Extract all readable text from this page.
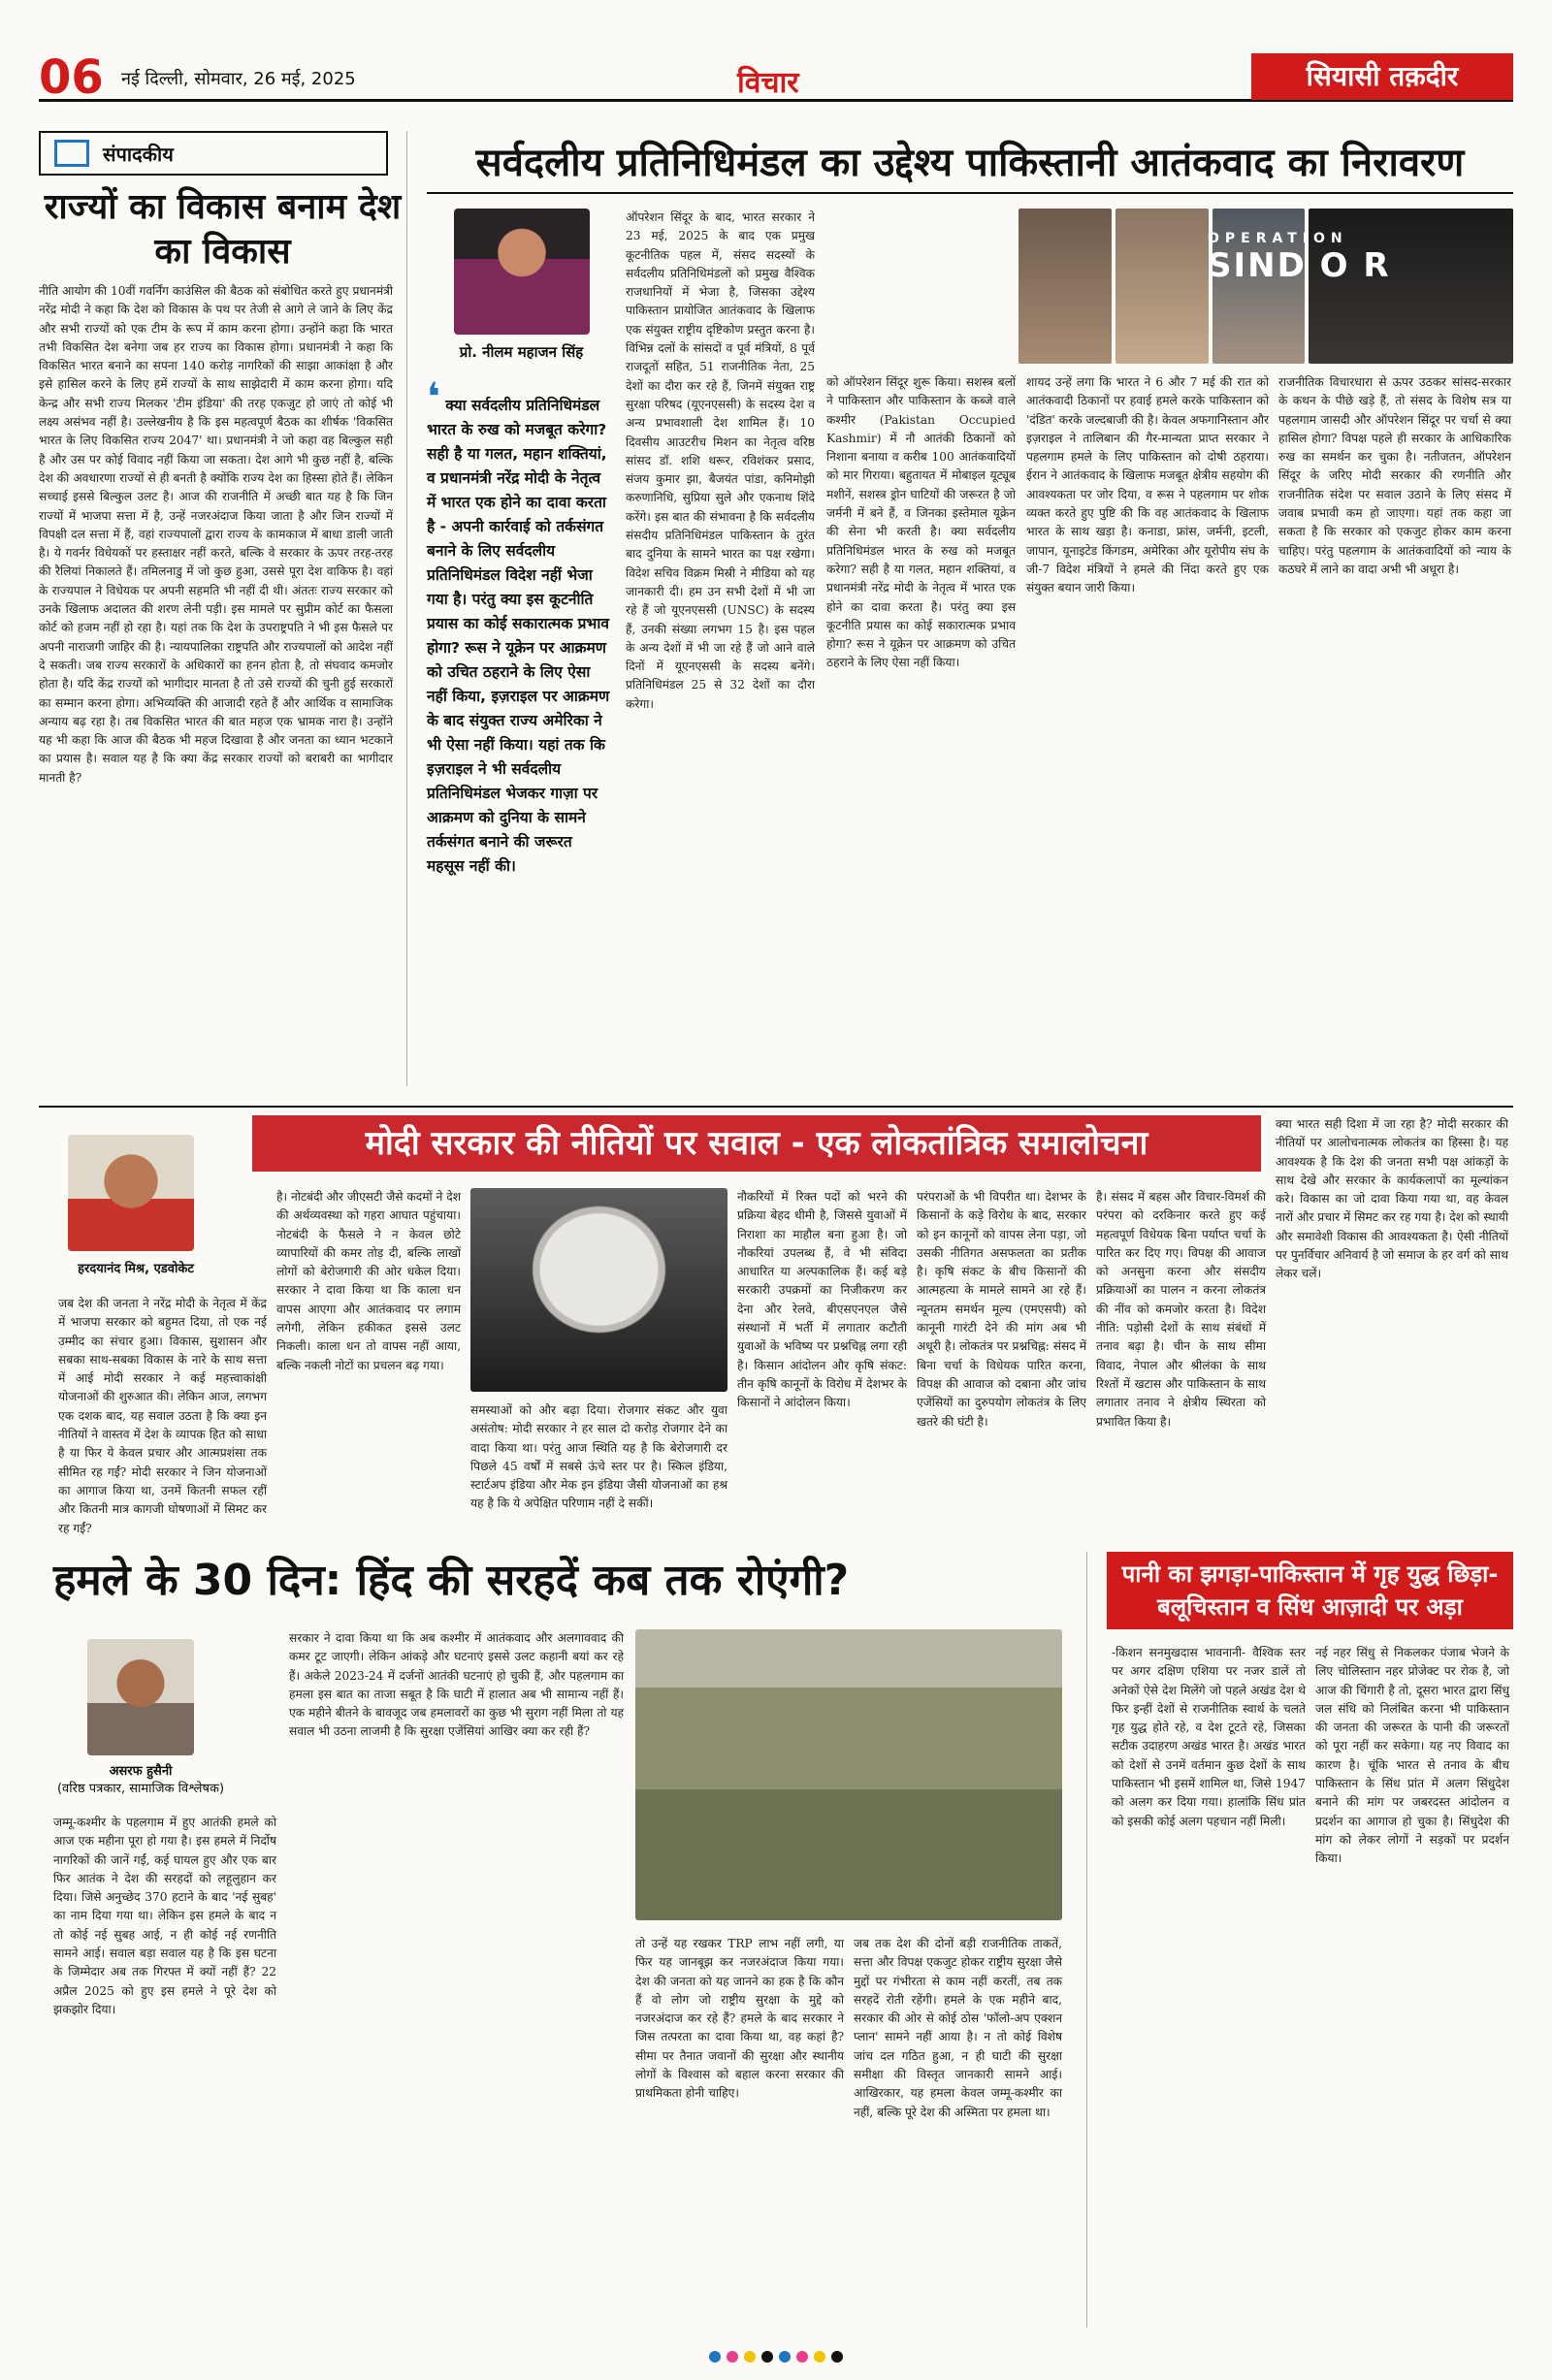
06 नई दिल्ली, सोमवार, 26 मई, 2025	विचार	सियासी तक़दीर
संपादकीय
राज्यों का विकास बनाम देश का विकास
नीति आयोग की 10वीं गवर्निंग काउंसिल की बैठक को संबोधित करते हुए प्रधानमंत्री नरेंद्र मोदी ने कहा कि देश को विकास के पथ पर तेजी से आगे ले जाने के लिए केंद्र और सभी राज्यों को एक टीम के रूप में काम करना होगा। उन्होंने कहा कि भारत तभी विकसित देश बनेगा जब हर राज्य का विकास होगा। प्रधानमंत्री ने कहा कि विकसित भारत बनाने का सपना 140 करोड़ नागरिकों की साझा आकांक्षा है और इसे हासिल करने के लिए हमें राज्यों के साथ साझेदारी में काम करना होगा। यदि केन्द्र और सभी राज्य मिलकर 'टीम इंडिया' की तरह एकजुट हो जाएं तो कोई भी लक्ष्य असंभव नहीं है। उल्लेखनीय है कि इस महत्वपूर्ण बैठक का शीर्षक 'विकसित भारत के लिए विकसित राज्य 2047' था। प्रधानमंत्री ने जो कहा वह बिल्कुल सही है और उस पर कोई विवाद नहीं किया जा सकता। देश आगे भी कुछ नहीं है, बल्कि देश की अवधारणा राज्यों से ही बनती है क्योंकि राज्य देश का हिस्सा होते हैं। लेकिन सच्चाई इससे बिल्कुल उलट है। आज की राजनीति में अच्छी बात यह है कि जिन राज्यों में भाजपा सत्ता में है, उन्हें नजरअंदाज किया जाता है और जिन राज्यों में विपक्षी दल सत्ता में हैं, वहां राज्यपालों द्वारा राज्य के कामकाज में बाधा डाली जाती है। ये गवर्नर विधेयकों पर हस्ताक्षर नहीं करते, बल्कि वे सरकार के ऊपर तरह-तरह की रैलियां निकालते हैं। तमिलनाडु में जो कुछ हुआ, उससे पूरा देश वाकिफ है। वहां के राज्यपाल ने विधेयक पर अपनी सहमति भी नहीं दी थी। अंततः राज्य सरकार को उनके खिलाफ अदालत की शरण लेनी पड़ी। इस मामले पर सुप्रीम कोर्ट का फैसला कोर्ट को हजम नहीं हो रहा है। यहां तक कि देश के उपराष्ट्रपति ने भी इस फैसले पर अपनी नाराजगी जाहिर की है। न्यायपालिका राष्ट्रपति और राज्यपालों को आदेश नहीं दे सकती। जब राज्य सरकारों के अधिकारों का हनन होता है, तो संघवाद कमजोर होता है। यदि केंद्र राज्यों को भागीदार मानता है तो उसे राज्यों की चुनी हुई सरकारों का सम्मान करना होगा। अभिव्यक्ति की आजादी रहते हैं और आर्थिक व सामाजिक अन्याय बढ़ रहा है। तब विकसित भारत की बात महज एक भ्रामक नारा है। उन्होंने यह भी कहा कि आज की बैठक भी महज दिखावा है और जनता का ध्यान भटकाने का प्रयास है। सवाल यह है कि क्या केंद्र सरकार राज्यों को बराबरी का भागीदार मानती है?
सर्वदलीय प्रतिनिधिमंडल का उद्देश्य पाकिस्तानी आतंकवाद का निरावरण
प्रो. नीलम महाजन सिंह
❛ क्या सर्वदलीय प्रतिनिधिमंडल भारत के रुख को मजबूत करेगा? सही है या गलत, महान शक्तियां, व प्रधानमंत्री नरेंद्र मोदी के नेतृत्व में भारत एक होने का दावा करता है - अपनी कार्रवाई को तर्कसंगत बनाने के लिए सर्वदलीय प्रतिनिधिमंडल विदेश नहीं भेजा गया है। परंतु क्या इस कूटनीति प्रयास का कोई सकारात्मक प्रभाव होगा? रूस ने यूक्रेन पर आक्रमण को उचित ठहराने के लिए ऐसा नहीं किया, इज़राइल पर आक्रमण के बाद संयुक्त राज्य अमेरिका ने भी ऐसा नहीं किया। यहां तक कि इज़राइल ने भी सर्वदलीय प्रतिनिधिमंडल भेजकर गाज़ा पर आक्रमण को दुनिया के सामने तर्कसंगत बनाने की जरूरत महसूस नहीं की।
ऑपरेशन सिंदूर के बाद, भारत सरकार ने 23 मई, 2025 के बाद एक प्रमुख कूटनीतिक पहल में, संसद सदस्यों के सर्वदलीय प्रतिनिधिमंडलों को प्रमुख वैश्विक राजधानियों में भेजा है, जिसका उद्देश्य पाकिस्तान प्रायोजित आतंकवाद के खिलाफ एक संयुक्त राष्ट्रीय दृष्टिकोण प्रस्तुत करना है। विभिन्न दलों के सांसदों व पूर्व मंत्रियों, 8 पूर्व राजदूतों सहित, 51 राजनीतिक नेता, 25 देशों का दौरा कर रहे हैं, जिनमें संयुक्त राष्ट्र सुरक्षा परिषद (यूएनएससी) के सदस्य देश व अन्य प्रभावशाली देश शामिल हैं। 10 दिवसीय आउटरीच मिशन का नेतृत्व वरिष्ठ सांसद डॉ. शशि थरूर, रविशंकर प्रसाद, संजय कुमार झा, बैजयंत पांडा, कनिमोझी करुणानिधि, सुप्रिया सुले और एकनाथ शिंदे करेंगे। इस बात की संभावना है कि सर्वदलीय संसदीय प्रतिनिधिमंडल पाकिस्तान के तुरंत बाद दुनिया के सामने भारत का पक्ष रखेगा। विदेश सचिव विक्रम मिस्री ने मीडिया को यह जानकारी दी। हम उन सभी देशों में भी जा रहे हैं जो यूएनएससी (UNSC) के सदस्य हैं, उनकी संख्या लगभग 15 है। इस पहल के अन्य देशों में भी जा रहे हैं जो आने वाले दिनों में यूएनएससी के सदस्य बनेंगे। प्रतिनिधिमंडल 25 से 32 देशों का दौरा करेगा।
को ऑपरेशन सिंदूर शुरू किया। सशस्त्र बलों ने पाकिस्तान और पाकिस्तान के कब्जे वाले कश्मीर (Pakistan Occupied Kashmir) में नौ आतंकी ठिकानों को निशाना बनाया व करीब 100 आतंकवादियों को मार गिराया। बहुतायत में मोबाइल यूट्यूब मशीनें, सशस्त्र ड्रोन घाटियों की जरूरत है जो जर्मनी में बने हैं, व जिनका इस्तेमाल यूक्रेन की सेना भी करती है। क्या सर्वदलीय प्रतिनिधिमंडल भारत के रुख को मजबूत करेगा? सही है या गलत, महान शक्तियां, व प्रधानमंत्री नरेंद्र मोदी के नेतृत्व में भारत एक होने का दावा करता है। परंतु क्या इस कूटनीति प्रयास का कोई सकारात्मक प्रभाव होगा? रूस ने यूक्रेन पर आक्रमण को उचित ठहराने के लिए ऐसा नहीं किया।
शायद उन्हें लगा कि भारत ने 6 और 7 मई की रात को आतंकवादी ठिकानों पर हवाई हमले करके पाकिस्तान को 'दंडित' करके जल्दबाजी की है। केवल अफगानिस्तान और इज़राइल ने तालिबान की गैर-मान्यता प्राप्त सरकार ने पहलगाम हमले के लिए पाकिस्तान को दोषी ठहराया। ईरान ने आतंकवाद के खिलाफ मजबूत क्षेत्रीय सहयोग की आवश्यकता पर जोर दिया, व रूस ने पहलगाम पर शोक व्यक्त करते हुए पुष्टि की कि वह आतंकवाद के खिलाफ भारत के साथ खड़ा है। कनाडा, फ्रांस, जर्मनी, इटली, जापान, यूनाइटेड किंगडम, अमेरिका और यूरोपीय संघ के जी-7 विदेश मंत्रियों ने हमले की निंदा करते हुए एक संयुक्त बयान जारी किया।
राजनीतिक विचारधारा से ऊपर उठकर सांसद-सरकार के कथन के पीछे खड़े हैं, तो संसद के विशेष सत्र या पहलगाम जासदी और ऑपरेशन सिंदूर पर चर्चा से क्या हासिल होगा? विपक्ष पहले ही सरकार के आधिकारिक रुख का समर्थन कर चुका है। नतीजतन, ऑपरेशन सिंदूर के जरिए मोदी सरकार की रणनीति और राजनीतिक संदेश पर सवाल उठाने के लिए संसद में जवाब प्रभावी कम हो जाएगा। यहां तक कहा जा सकता है कि सरकार को एकजुट होकर काम करना चाहिए। परंतु पहलगाम के आतंकवादियों को न्याय के कठघरे में लाने का वादा अभी भी अधूरा है।
OPERATION
SIND O R
हरदयानंद मिश्र, एडवोकेट
मोदी सरकार की नीतियों पर सवाल - एक लोकतांत्रिक समालोचना
जब देश की जनता ने नरेंद्र मोदी के नेतृत्व में केंद्र में भाजपा सरकार को बहुमत दिया, तो एक नई उम्मीद का संचार हुआ। विकास, सुशासन और सबका साथ-सबका विकास के नारे के साथ सत्ता में आई मोदी सरकार ने कई महत्त्वाकांक्षी योजनाओं की शुरुआत की। लेकिन आज, लगभग एक दशक बाद, यह सवाल उठता है कि क्या इन नीतियों ने वास्तव में देश के व्यापक हित को साधा है या फिर ये केवल प्रचार और आत्मप्रशंसा तक सीमित रह गईं? मोदी सरकार ने जिन योजनाओं का आगाज किया था, उनमें कितनी सफल रहीं और कितनी मात्र कागजी घोषणाओं में सिमट कर रह गईं?
है। नोटबंदी और जीएसटी जैसे कदमों ने देश की अर्थव्यवस्था को गहरा आघात पहुंचाया। नोटबंदी के फैसले ने न केवल छोटे व्यापारियों की कमर तोड़ दी, बल्कि लाखों लोगों को बेरोजगारी की ओर धकेल दिया। सरकार ने दावा किया था कि काला धन वापस आएगा और आतंकवाद पर लगाम लगेगी, लेकिन हकीकत इससे उलट निकली। काला धन तो वापस नहीं आया, बल्कि नकली नोटों का प्रचलन बढ़ गया।
समस्याओं को और बढ़ा दिया। रोजगार संकट और युवा असंतोष: मोदी सरकार ने हर साल दो करोड़ रोजगार देने का वादा किया था। परंतु आज स्थिति यह है कि बेरोजगारी दर पिछले 45 वर्षों में सबसे ऊंचे स्तर पर है। स्किल इंडिया, स्टार्टअप इंडिया और मेक इन इंडिया जैसी योजनाओं का हश्र यह है कि ये अपेक्षित परिणाम नहीं दे सकीं।
नौकरियों में रिक्त पदों को भरने की प्रक्रिया बेहद धीमी है, जिससे युवाओं में निराशा का माहौल बना हुआ है। जो नौकरियां उपलब्ध हैं, वे भी संविदा आधारित या अल्पकालिक हैं। कई बड़े सरकारी उपक्रमों का निजीकरण कर देना और रेलवे, बीएसएनएल जैसे संस्थानों में भर्ती में लगातार कटौती युवाओं के भविष्य पर प्रश्नचिह्न लगा रही है। किसान आंदोलन और कृषि संकट: तीन कृषि कानूनों के विरोध में देशभर के किसानों ने आंदोलन किया।
परंपराओं के भी विपरीत था। देशभर के किसानों के कड़े विरोध के बाद, सरकार को इन कानूनों को वापस लेना पड़ा, जो उसकी नीतिगत असफलता का प्रतीक है। कृषि संकट के बीच किसानों की आत्महत्या के मामले सामने आ रहे हैं। न्यूनतम समर्थन मूल्य (एमएसपी) को कानूनी गारंटी देने की मांग अब भी अधूरी है। लोकतंत्र पर प्रश्नचिह्न: संसद में बिना चर्चा के विधेयक पारित करना, विपक्ष की आवाज को दबाना और जांच एजेंसियों का दुरुपयोग लोकतंत्र के लिए खतरे की घंटी है।
है। संसद में बहस और विचार-विमर्श की परंपरा को दरकिनार करते हुए कई महत्वपूर्ण विधेयक बिना पर्याप्त चर्चा के पारित कर दिए गए। विपक्ष की आवाज को अनसुना करना और संसदीय प्रक्रियाओं का पालन न करना लोकतंत्र की नींव को कमजोर करता है। विदेश नीति: पड़ोसी देशों के साथ संबंधों में तनाव बढ़ा है। चीन के साथ सीमा विवाद, नेपाल और श्रीलंका के साथ रिश्तों में खटास और पाकिस्तान के साथ लगातार तनाव ने क्षेत्रीय स्थिरता को प्रभावित किया है।
क्या भारत सही दिशा में जा रहा है? मोदी सरकार की नीतियों पर आलोचनात्मक लोकतंत्र का हिस्सा है। यह आवश्यक है कि देश की जनता सभी पक्ष आंकड़ों के साथ देखे और सरकार के कार्यकलापों का मूल्यांकन करे। विकास का जो दावा किया गया था, वह केवल नारों और प्रचार में सिमट कर रह गया है। देश को स्थायी और समावेशी विकास की आवश्यकता है। ऐसी नीतियों पर पुनर्विचार अनिवार्य है जो समाज के हर वर्ग को साथ लेकर चलें।
हमले के 30 दिन: हिंद की सरहदें कब तक रोएंगी?
असरफ हुसैनी
(वरिष्ठ पत्रकार, सामाजिक विश्लेषक)
जम्मू-कश्मीर के पहलगाम में हुए आतंकी हमले को आज एक महीना पूरा हो गया है। इस हमले में निर्दोष नागरिकों की जानें गईं, कई घायल हुए और एक बार फिर आतंक ने देश की सरहदों को लहूलुहान कर दिया। जिसे अनुच्छेद 370 हटाने के बाद 'नई सुबह' का नाम दिया गया था। लेकिन इस हमले के बाद न तो कोई नई सुबह आई, न ही कोई नई रणनीति सामने आई। सवाल बड़ा सवाल यह है कि इस घटना के जिम्मेदार अब तक गिरफ्त में क्यों नहीं हैं? 22 अप्रैल 2025 को हुए इस हमले ने पूरे देश को झकझोर दिया।
सरकार ने दावा किया था कि अब कश्मीर में आतंकवाद और अलगाववाद की कमर टूट जाएगी। लेकिन आंकड़े और घटनाएं इससे उलट कहानी बयां कर रहे हैं। अकेले 2023-24 में दर्जनों आतंकी घटनाएं हो चुकी हैं, और पहलगाम का हमला इस बात का ताजा सबूत है कि घाटी में हालात अब भी सामान्य नहीं हैं। एक महीने बीतने के बावजूद जब हमलावरों का कुछ भी सुराग नहीं मिला तो यह सवाल भी उठना लाजमी है कि सुरक्षा एजेंसियां आखिर क्या कर रही हैं?
तो उन्हें यह रखकर TRP लाभ नहीं लगी, या फिर यह जानबूझ कर नजरअंदाज किया गया। देश की जनता को यह जानने का हक है कि कौन हैं वो लोग जो राष्ट्रीय सुरक्षा के मुद्दे को नजरअंदाज कर रहे हैं? हमले के बाद सरकार ने जिस तत्परता का दावा किया था, वह कहां है? सीमा पर तैनात जवानों की सुरक्षा और स्थानीय लोगों के विश्वास को बहाल करना सरकार की प्राथमिकता होनी चाहिए।
जब तक देश की दोनों बड़ी राजनीतिक ताकतें, सत्ता और विपक्ष एकजुट होकर राष्ट्रीय सुरक्षा जैसे मुद्दों पर गंभीरता से काम नहीं करतीं, तब तक सरहदें रोती रहेंगी। हमले के एक महीने बाद, सरकार की ओर से कोई ठोस 'फॉलो-अप एक्शन प्लान' सामने नहीं आया है। न तो कोई विशेष जांच दल गठित हुआ, न ही घाटी की सुरक्षा समीक्षा की विस्तृत जानकारी सामने आई। आखिरकार, यह हमला केवल जम्मू-कश्मीर का नहीं, बल्कि पूरे देश की अस्मिता पर हमला था।
पानी का झगड़ा-पाकिस्तान में गृह युद्ध छिड़ा-बलूचिस्तान व सिंध आज़ादी पर अड़ा
-किशन सनमुखदास भावनानी- वैश्विक स्तर पर अगर दक्षिण एशिया पर नजर डालें तो अनेकों ऐसे देश मिलेंगे जो पहले अखंड देश थे फिर इन्हीं देशों से राजनीतिक स्वार्थ के चलते गृह युद्ध होते रहे, व देश टूटते रहे, जिसका सटीक उदाहरण अखंड भारत है। अखंड भारत को देशों से उनमें वर्तमान कुछ देशों के साथ पाकिस्तान भी इसमें शामिल था, जिसे 1947 को अलग कर दिया गया। हालांकि सिंध प्रांत को इसकी कोई अलग पहचान नहीं मिली।
नई नहर सिंधु से निकलकर पंजाब भेजने के लिए चोलिस्तान नहर प्रोजेक्ट पर रोक है, जो आज की चिंगारी है तो, दूसरा भारत द्वारा सिंधु जल संधि को निलंबित करना भी पाकिस्तान की जनता की जरूरत के पानी की जरूरतों को पूरा नहीं कर सकेगा। यह नए विवाद का कारण है। चूंकि भारत से तनाव के बीच पाकिस्तान के सिंध प्रांत में अलग सिंधुदेश बनाने की मांग पर जबरदस्त आंदोलन व प्रदर्शन का आगाज हो चुका है। सिंधुदेश की मांग को लेकर लोगों ने सड़कों पर प्रदर्शन किया।
